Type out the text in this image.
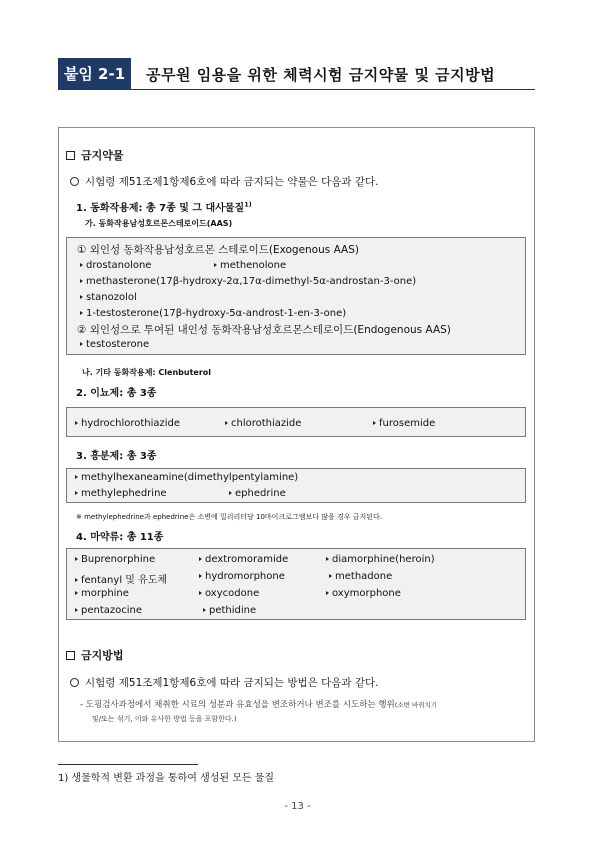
붙임 2-1	공무원 임용을 위한 체력시험 금지약물 및 금지방법
금지약물
시험령 제51조제1항제6호에 따라 금지되는 약물은 다음과 같다.
1. 동화작용제: 총 7종 및 그 대사물질$^{1)}$
가. 동화작용남성호르몬스테로이드(AAS)
① 외인성 동화작용남성호르몬 스테로이드(Exogenous AAS)
drostanolone	methenolone
methasterone(17β-hydroxy-2α,17α-dimethyl-5α-androstan-3-one)
stanozolol
1-testosterone(17β-hydroxy-5α-androst-1-en-3-one)
② 외인성으로 투여된 내인성 동화작용남성호르몬스테로이드(Endogenous AAS)
testosterone
나. 기타 동화작용제: Clenbuterol
2. 이뇨제: 총 3종
hydrochlorothiazide	chlorothiazide	furosemide
3. 흥분제: 총 3종
methylhexaneamine(dimethylpentylamine)
methylephedrine	ephedrine
※ methylephedrine과 ephedrine은 소변에 밀리리터당 10마이크로그램보다 많을 경우 금지된다.
4. 마약류: 총 11종
Buprenorphine	dextromoramide	diamorphine(heroin)
fentanyl 및 유도체	hydromorphone	methadone
morphine	oxycodone	oxymorphone
pentazocine	pethidine
금지방법
시험령 제51조제1항제6호에 따라 금지되는 방법은 다음과 같다.
- 도핑검사과정에서 채취한 시료의 성분과 유효성을 변조하거나 변조를 시도하는 행위(소변 바꿔치기
및/또는 섞기, 이와 유사한 방법 등을 포함한다.)
1) 생물학적 변환 과정을 통하여 생성된 모든 물질
- 13 -
